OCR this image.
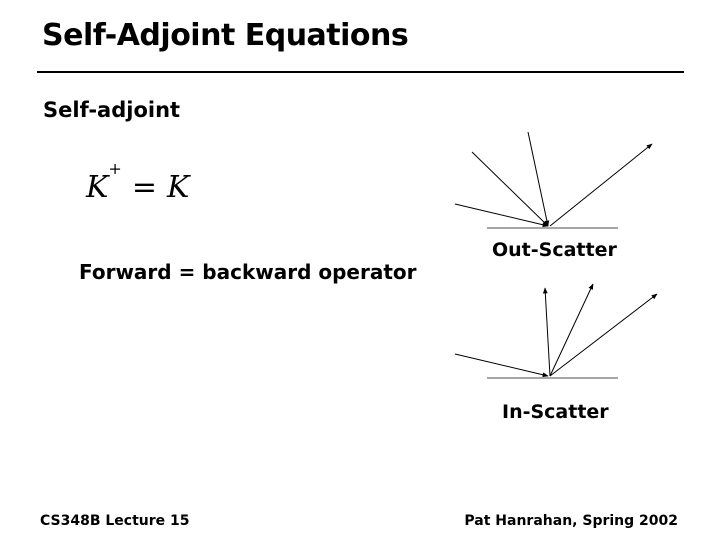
Self-Adjoint Equations
Self-adjoint
K+= K
Forward = backward operator
Out-Scatter
In-Scatter
CS348B Lecture 15	Pat Hanrahan, Spring 2002
